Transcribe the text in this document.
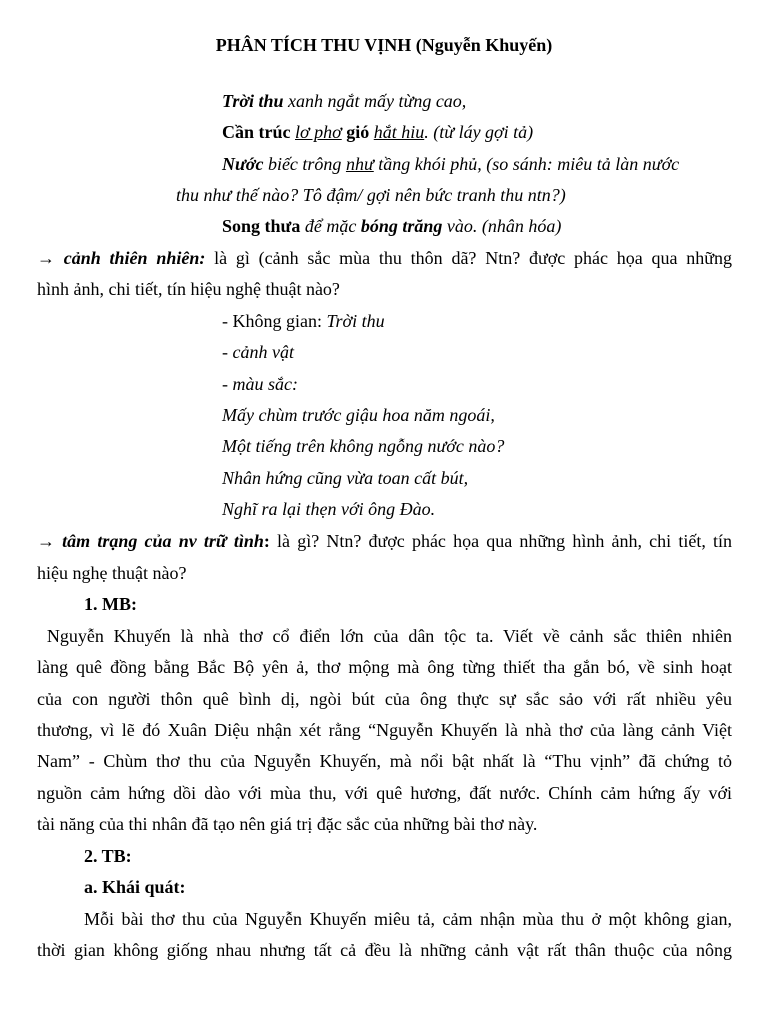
PHÂN TÍCH THU VỊNH (Nguyễn Khuyến)
Trời thu xanh ngắt mấy từng cao,
Cần trúc lơ phơ gió hắt hiu. (từ láy gợi tả)
Nước biếc trông như tầng khói phủ, (so sánh: miêu tả làn nước
thu như thế nào? Tô đậm/ gợi nên bức tranh thu ntn?)
Song thưa để mặc bóng trăng vào. (nhân hóa)
→ cảnh thiên nhiên: là gì (cảnh sắc mùa thu thôn dã? Ntn? được phác họa qua những
hình ảnh, chi tiết, tín hiệu nghệ thuật nào?
- Không gian: Trời thu
- cảnh vật
- màu sắc:
Mấy chùm trước giậu hoa năm ngoái,
Một tiếng trên không ngỗng nước nào?
Nhân hứng cũng vừa toan cất bút,
Nghĩ ra lại thẹn với ông Đào.
→ tâm trạng của nv trữ tình: là gì? Ntn? được phác họa qua những hình ảnh, chi tiết, tín
hiệu nghẹ thuật nào?
1. MB:
Nguyễn Khuyến là nhà thơ cổ điển lớn của dân tộc ta. Viết về cảnh sắc thiên nhiên
làng quê đồng bằng Bắc Bộ yên ả, thơ mộng mà ông từng thiết tha gắn bó, về sinh hoạt
của con người thôn quê bình dị, ngòi bút của ông thực sự sắc sảo với rất nhiều yêu
thương, vì lẽ đó Xuân Diệu nhận xét rằng “Nguyễn Khuyến là nhà thơ của làng cảnh Việt
Nam” - Chùm thơ thu của Nguyễn Khuyến, mà nổi bật nhất là “Thu vịnh” đã chứng tỏ
nguồn cảm hứng dồi dào với mùa thu, với quê hương, đất nước. Chính cảm hứng ấy với
tài năng của thi nhân đã tạo nên giá trị đặc sắc của những bài thơ này.
2. TB:
a. Khái quát:
Mỗi bài thơ thu của Nguyễn Khuyến miêu tả, cảm nhận mùa thu ở một không gian,
thời gian không giống nhau nhưng tất cả đều là những cảnh vật rất thân thuộc của nông
